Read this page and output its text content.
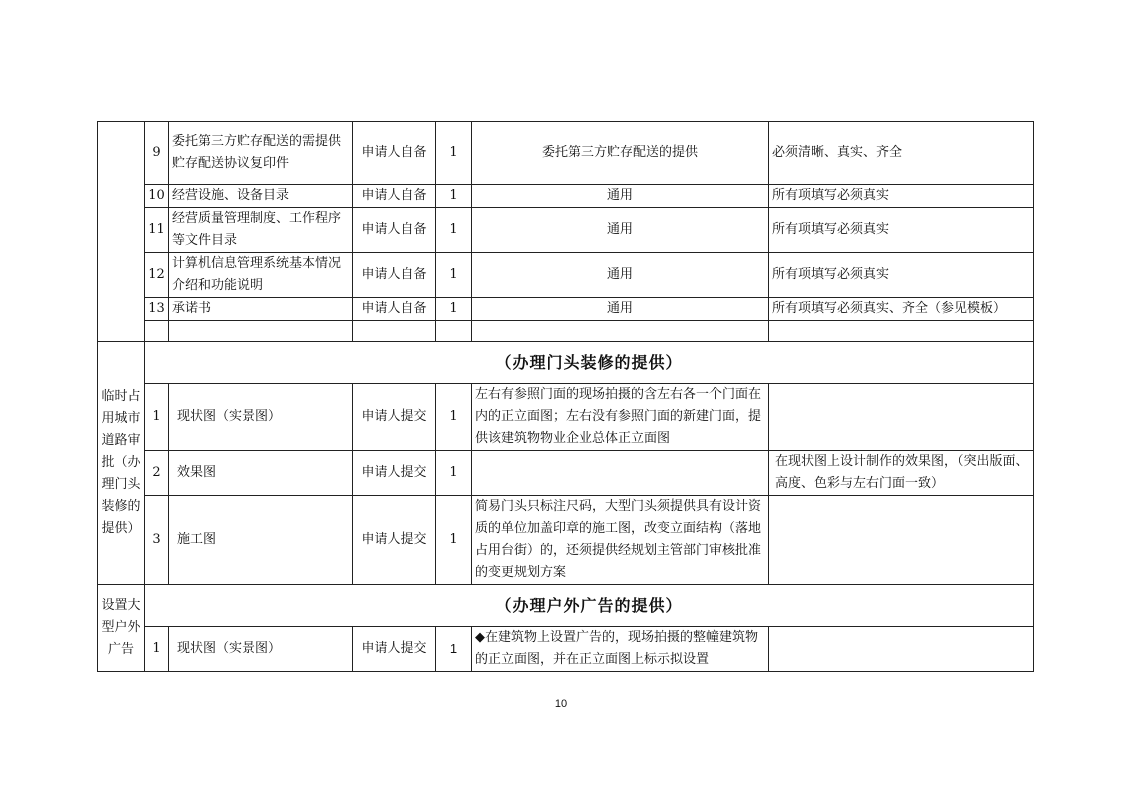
	9	委托第三方贮存配送的需提供贮存配送协议复印件	申请人自备	1	委托第三方贮存配送的提供	必须清晰、真实、齐全
	10	经营设施、设备目录	申请人自备	1	通用	所有项填写必须真实
	11	经营质量管理制度、工作程序等文件目录	申请人自备	1	通用	所有项填写必须真实
	12	计算机信息管理系统基本情况介绍和功能说明	申请人自备	1	通用	所有项填写必须真实
	13	承诺书	申请人自备	1	通用	所有项填写必须真实、齐全（参见模板）

临时占用城市道路审批（办理门头装修的提供）	（办理门头装修的提供）					
	1	现状图（实景图）	申请人提交	1	左右有参照门面的现场拍摄的含左右各一个门面在内的正立面图；左右没有参照门面的新建门面，提供该建筑物物业企业总体正立面图	
	2	效果图	申请人提交	1		在现状图上设计制作的效果图，（突出版面、高度、色彩与左右门面一致）
	3	施工图	申请人提交	1	简易门头只标注尺码，大型门头须提供具有设计资质的单位加盖印章的施工图，改变立面结构（落地占用台街）的，还须提供经规划主管部门审核批准的变更规划方案	
设置大型户外广告	（办理户外广告的提供）					
	1	现状图（实景图）	申请人提交	1	◆在建筑物上设置广告的，现场拍摄的整幢建筑物的正立面图，并在正立面图上标示拟设置	
10
